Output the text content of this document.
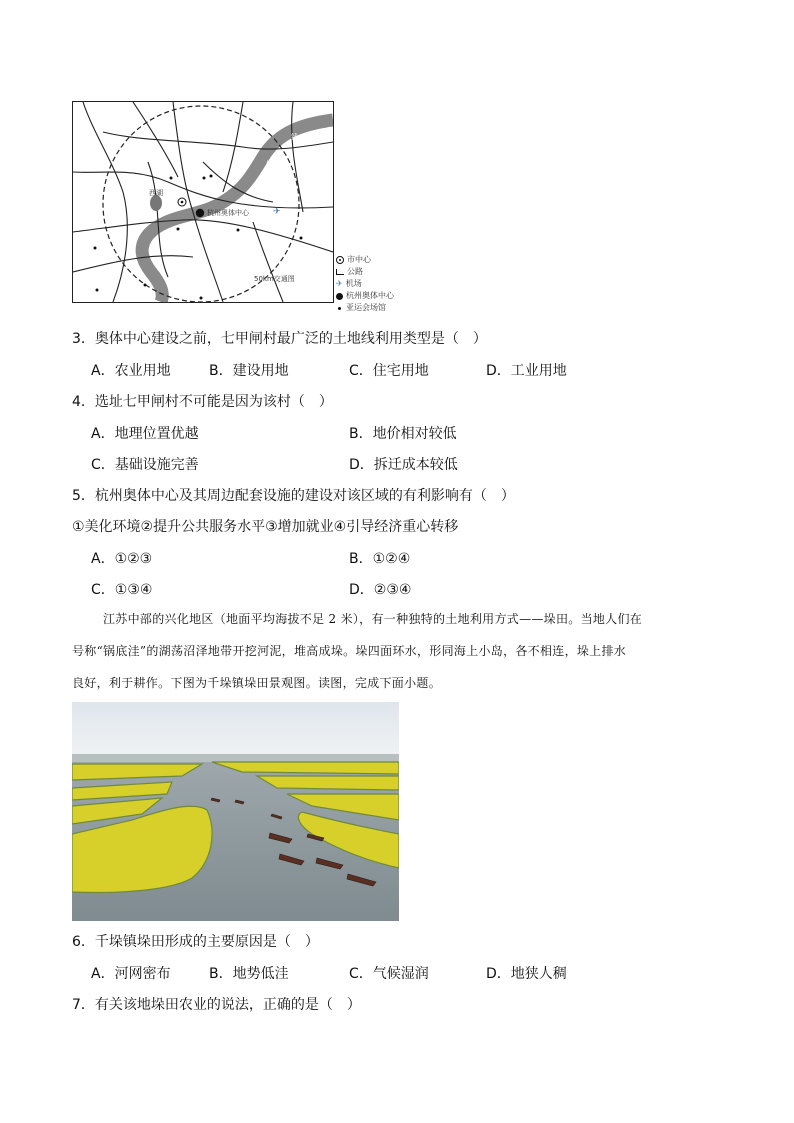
✈
西湖
杭州奥体中心
50km交通图
钱
塘
市中心
公路
✈ 机场
杭州奥体中心
亚运会场馆
3．奥体中心建设之前，七甲闸村最广泛的土地线利用类型是（　）
A．农业用地	B．建设用地	C．住宅用地	D．工业用地
4．选址七甲闸村不可能是因为该村（　）
A．地理位置优越	B．地价相对较低
C．基础设施完善	D．拆迁成本较低
5．杭州奥体中心及其周边配套设施的建设对该区域的有利影响有（　）
①美化环境②提升公共服务水平③增加就业④引导经济重心转移
A．①②③	B．①②④
C．①③④	D．②③④
江苏中部的兴化地区（地面平均海拔不足 2 米），有一种独特的土地利用方式——垛田。当地人们在
号称“锅底洼”的湖荡沼泽地带开挖河泥，堆高成垛。垛四面环水，形同海上小岛，各不相连，垛上排水
良好，利于耕作。下图为千垛镇垛田景观图。读图，完成下面小题。
6．千垛镇垛田形成的主要原因是（　）
A．河网密布	B．地势低洼	C．气候湿润	D．地狭人稠
7．有关该地垛田农业的说法，正确的是（　）
